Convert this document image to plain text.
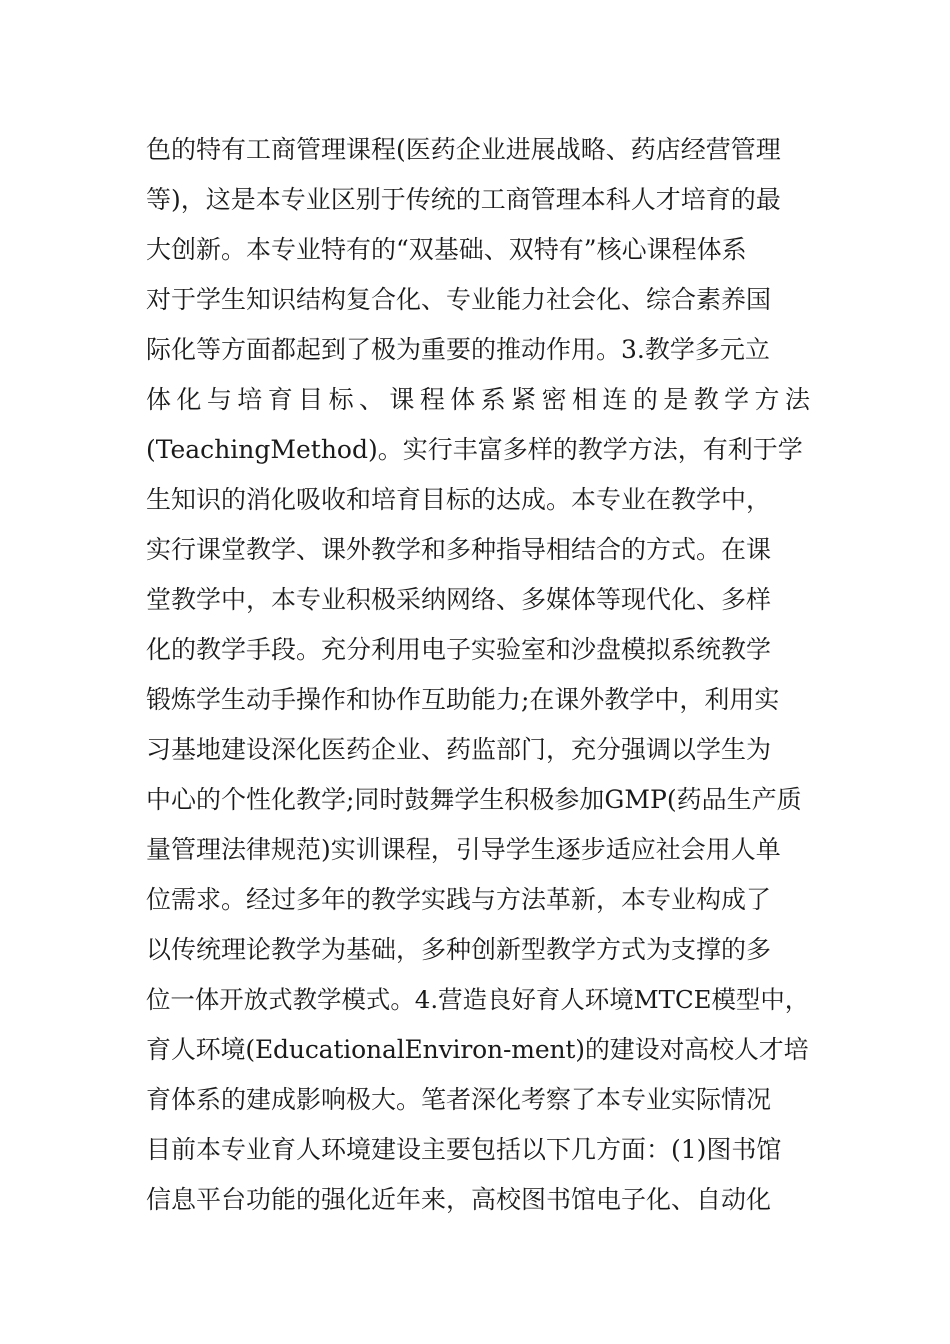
色的特有工商管理课程(医药企业进展战略、药店经营管理
等)，这是本专业区别于传统的工商管理本科人才培育的最
大创新。本专业特有的“双基础、双特有”核心课程体系
对于学生知识结构复合化、专业能力社会化、综合素养国
际化等方面都起到了极为重要的推动作用。3.教学多元立
体化与培育目标、课程体系紧密相连的是教学方法
(TeachingMethod)。实行丰富多样的教学方法，有利于学
生知识的消化吸收和培育目标的达成。本专业在教学中，
实行课堂教学、课外教学和多种指导相结合的方式。在课
堂教学中，本专业积极采纳网络、多媒体等现代化、多样
化的教学手段。充分利用电子实验室和沙盘模拟系统教学
锻炼学生动手操作和协作互助能力;在课外教学中，利用实
习基地建设深化医药企业、药监部门，充分强调以学生为
中心的个性化教学;同时鼓舞学生积极参加GMP(药品生产质
量管理法律规范)实训课程，引导学生逐步适应社会用人单
位需求。经过多年的教学实践与方法革新，本专业构成了
以传统理论教学为基础，多种创新型教学方式为支撑的多
位一体开放式教学模式。4.营造良好育人环境MTCE模型中，
育人环境(EducationalEnviron-ment)的建设对高校人才培
育体系的建成影响极大。笔者深化考察了本专业实际情况
目前本专业育人环境建设主要包括以下几方面：(1)图书馆
信息平台功能的强化近年来，高校图书馆电子化、自动化
